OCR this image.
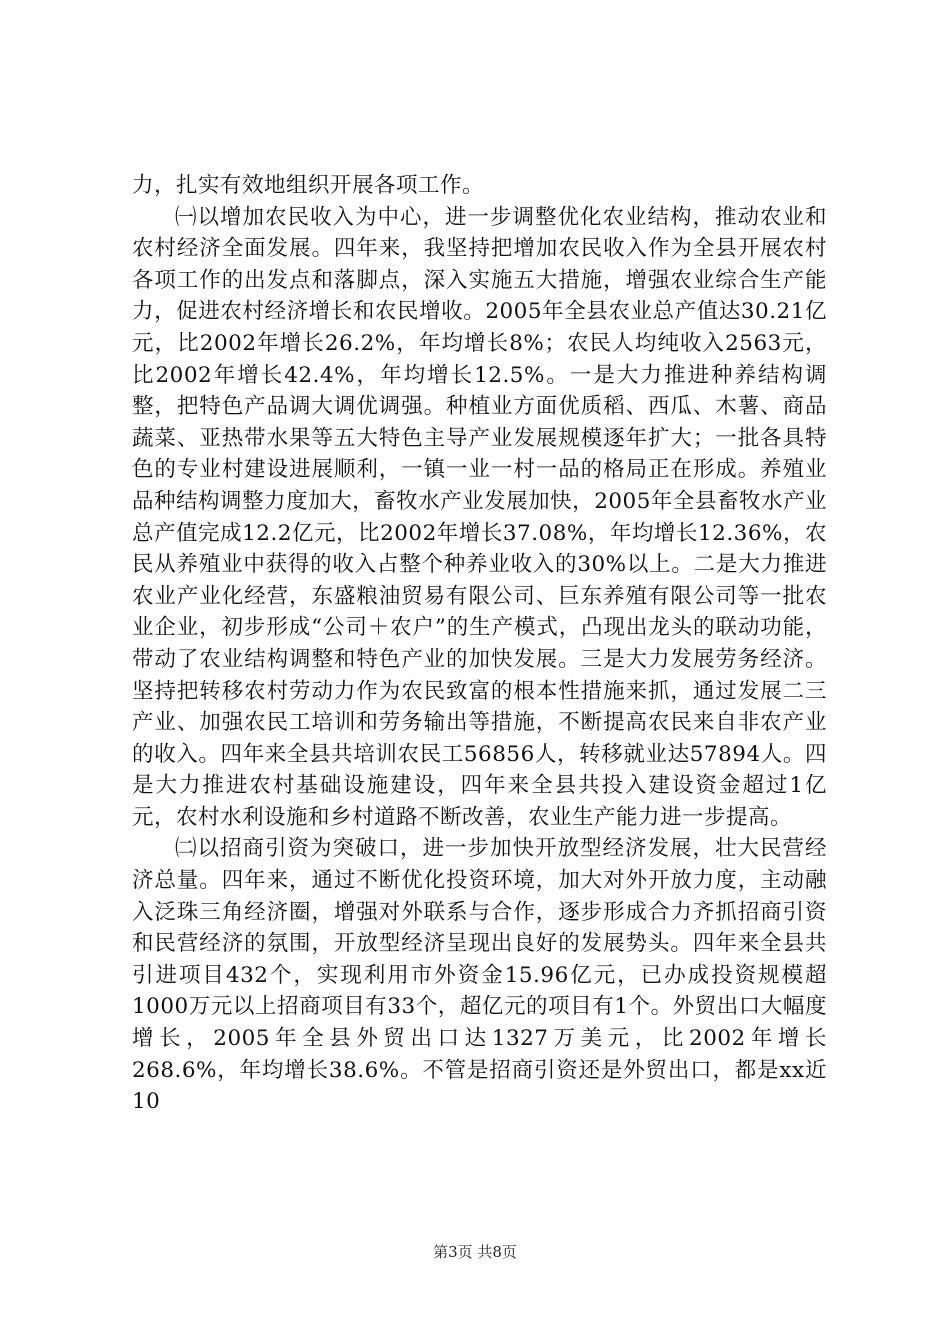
力，扎实有效地组织开展各项工作。

㈠以增加农民收入为中心，进一步调整优化农业结构，推动农业和农村经济全面发展。四年来，我坚持把增加农民收入作为全县开展农村各项工作的出发点和落脚点，深入实施五大措施，增强农业综合生产能力，促进农村经济增长和农民增收。2005年全县农业总产值达30.21亿元，比2002年增长26.2%，年均增长8%；农民人均纯收入2563元，比2002年增长42.4%，年均增长12.5%。一是大力推进种养结构调整，把特色产品调大调优调强。种植业方面优质稻、西瓜、木薯、商品蔬菜、亚热带水果等五大特色主导产业发展规模逐年扩大；一批各具特色的专业村建设进展顺利，一镇一业一村一品的格局正在形成。养殖业品种结构调整力度加大，畜牧水产业发展加快，2005年全县畜牧水产业总产值完成12.2亿元，比2002年增长37.08%，年均增长12.36%，农民从养殖业中获得的收入占整个种养业收入的30%以上。二是大力推进农业产业化经营，东盛粮油贸易有限公司、巨东养殖有限公司等一批农业企业，初步形成“公司＋农户”的生产模式，凸现出龙头的联动功能，带动了农业结构调整和特色产业的加快发展。三是大力发展劳务经济。坚持把转移农村劳动力作为农民致富的根本性措施来抓，通过发展二三产业、加强农民工培训和劳务输出等措施，不断提高农民来自非农产业的收入。四年来全县共培训农民工56856人，转移就业达57894人。四是大力推进农村基础设施建设，四年来全县共投入建设资金超过1亿元，农村水利设施和乡村道路不断改善，农业生产能力进一步提高。

㈡以招商引资为突破口，进一步加快开放型经济发展，壮大民营经济总量。四年来，通过不断优化投资环境，加大对外开放力度，主动融入泛珠三角经济圈，增强对外联系与合作，逐步形成合力齐抓招商引资和民营经济的氛围，开放型经济呈现出良好的发展势头。四年来全县共引进项目432个，实现利用市外资金15.96亿元，已办成投资规模超1000万元以上招商项目有33个，超亿元的项目有1个。外贸出口大幅度增长，2005年全县外贸出口达1327万美元，比2002年增长268.6%，年均增长38.6%。不管是招商引资还是外贸出口，都是xx近10

第3页 共8页
